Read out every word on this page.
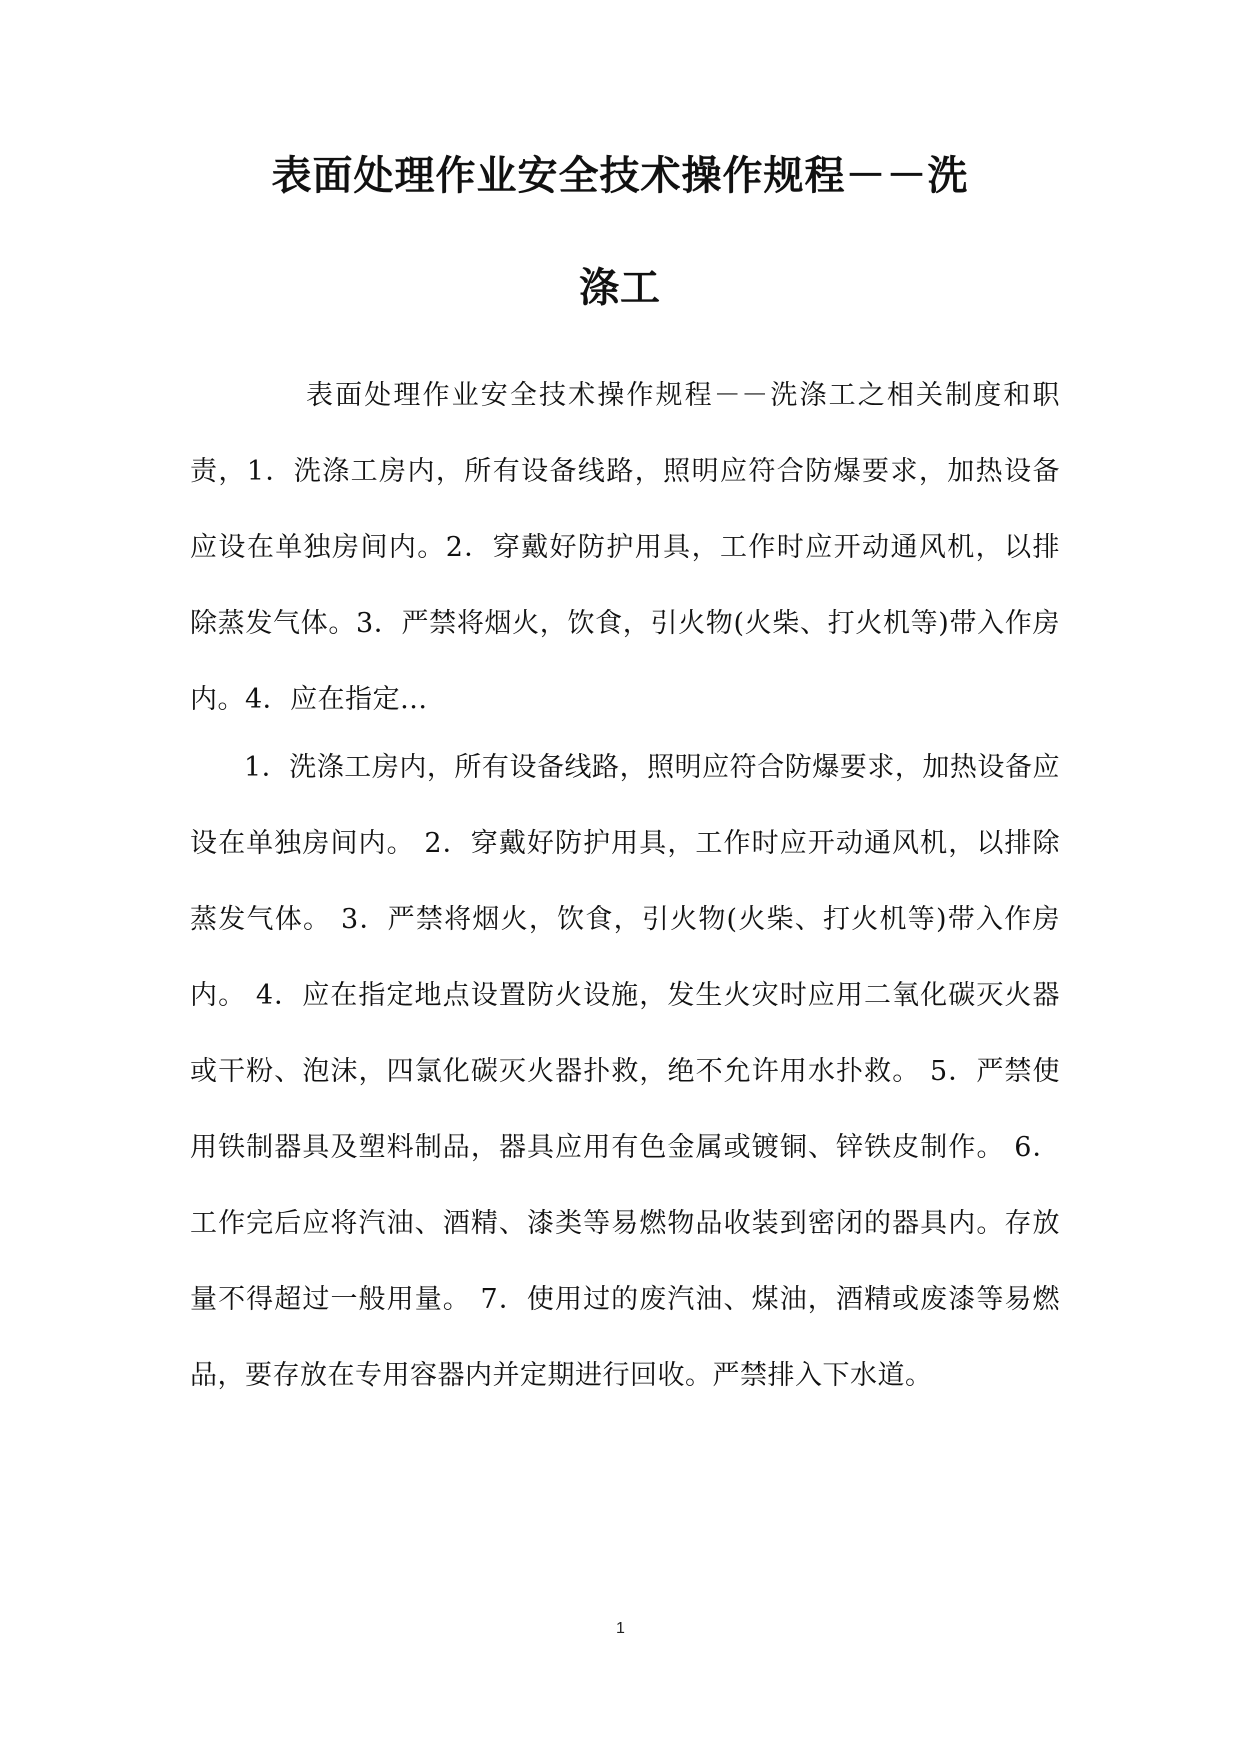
表面处理作业安全技术操作规程－－洗
涤工

表面处理作业安全技术操作规程－－洗涤工之相关制度和职责，1．洗涤工房内，所有设备线路，照明应符合防爆要求，加热设备应设在单独房间内。2．穿戴好防护用具，工作时应开动通风机，以排除蒸发气体。3．严禁将烟火，饮食，引火物(火柴、打火机等)带入作房内。4．应在指定...

1．洗涤工房内，所有设备线路，照明应符合防爆要求，加热设备应设在单独房间内。 2．穿戴好防护用具，工作时应开动通风机，以排除蒸发气体。 3．严禁将烟火，饮食，引火物(火柴、打火机等)带入作房内。 4．应在指定地点设置防火设施，发生火灾时应用二氧化碳灭火器或干粉、泡沫，四氯化碳灭火器扑救，绝不允许用水扑救。 5．严禁使用铁制器具及塑料制品，器具应用有色金属或镀铜、锌铁皮制作。 6．工作完后应将汽油、酒精、漆类等易燃物品收装到密闭的器具内。存放量不得超过一般用量。 7．使用过的废汽油、煤油，酒精或废漆等易燃品，要存放在专用容器内并定期进行回收。严禁排入下水道。

1
